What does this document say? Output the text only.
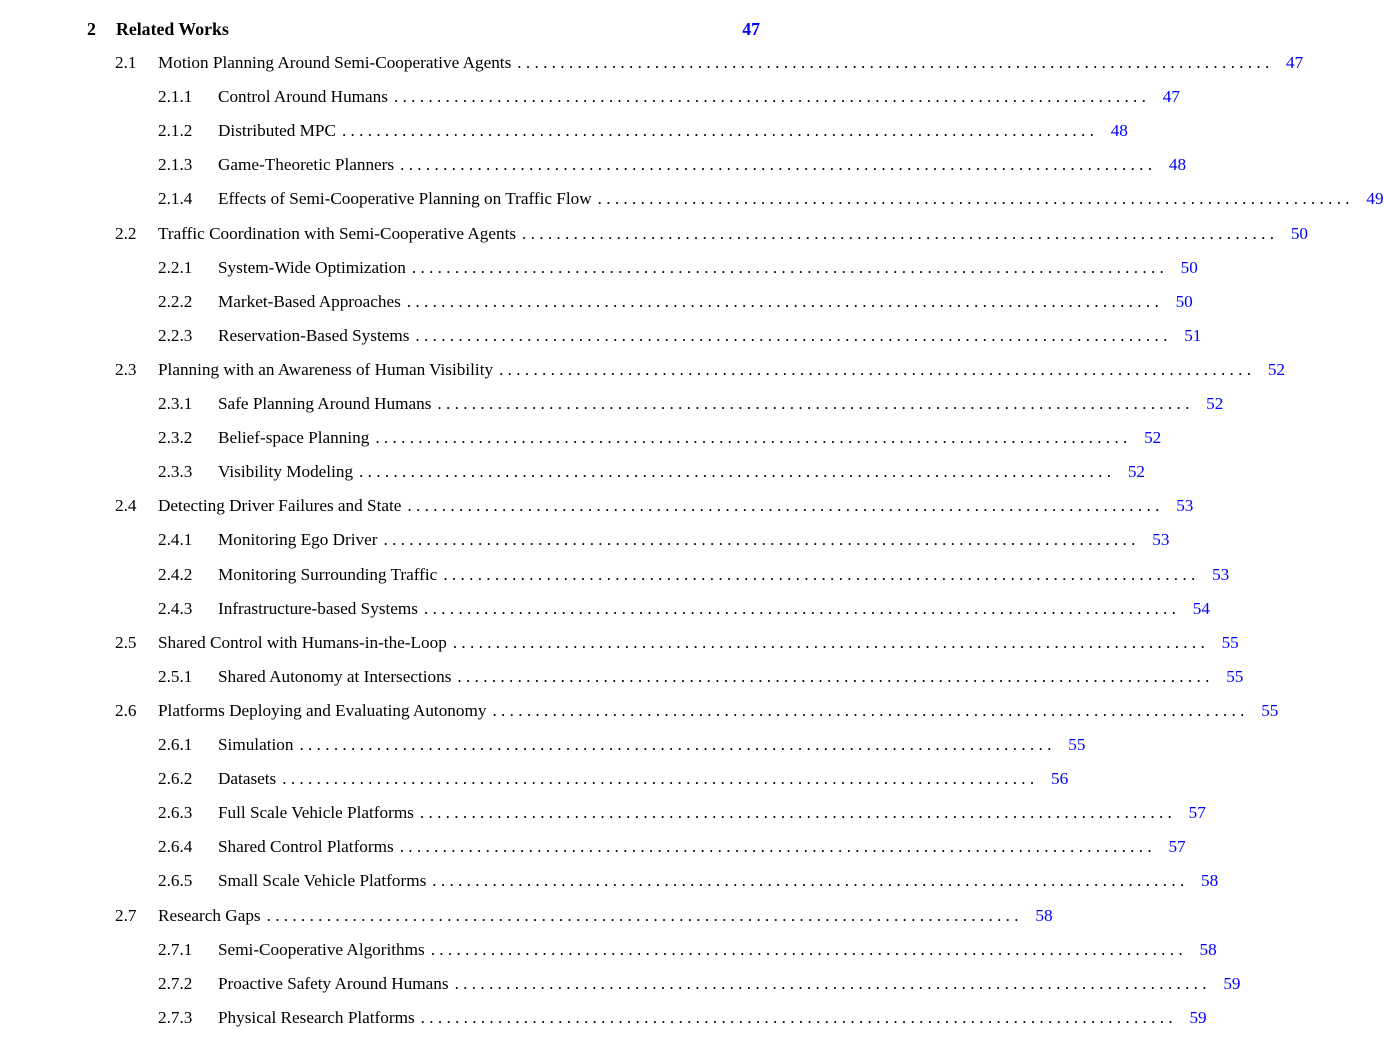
2	Related Works	47
2.1	Motion Planning Around Semi-Cooperative Agents . . . . . . . . . . . . . . . . . . . . . . . . . . . . . . . . . . . . . . . . . . . . . . . . . . . . . . . . . . . . . . . . . . . . . . . . . . . . . . . . . . . . . . . . 47
2.1.1	Control Around Humans . . . . . . . . . . . . . . . . . . . . . . . . . . . . . . . . . . . . . . . . . . . . . . . . . . . . . . . . . . . . . . . . . . . . . . . . . . . . . . . . . . . . . . . . 47
2.1.2	Distributed MPC . . . . . . . . . . . . . . . . . . . . . . . . . . . . . . . . . . . . . . . . . . . . . . . . . . . . . . . . . . . . . . . . . . . . . . . . . . . . . . . . . . . . . . . . 48
2.1.3	Game-Theoretic Planners . . . . . . . . . . . . . . . . . . . . . . . . . . . . . . . . . . . . . . . . . . . . . . . . . . . . . . . . . . . . . . . . . . . . . . . . . . . . . . . . . . . . . . . . 48
2.1.4	Effects of Semi-Cooperative Planning on Traffic Flow . . . . . . . . . . . . . . . . . . . . . . . . . . . . . . . . . . . . . . . . . . . . . . . . . . . . . . . . . . . . . . . . . . . . . . . . . . . . . . . . . . . . . . . . 49
2.2	Traffic Coordination with Semi-Cooperative Agents . . . . . . . . . . . . . . . . . . . . . . . . . . . . . . . . . . . . . . . . . . . . . . . . . . . . . . . . . . . . . . . . . . . . . . . . . . . . . . . . . . . . . . . . 50
2.2.1	System-Wide Optimization . . . . . . . . . . . . . . . . . . . . . . . . . . . . . . . . . . . . . . . . . . . . . . . . . . . . . . . . . . . . . . . . . . . . . . . . . . . . . . . . . . . . . . . . 50
2.2.2	Market-Based Approaches . . . . . . . . . . . . . . . . . . . . . . . . . . . . . . . . . . . . . . . . . . . . . . . . . . . . . . . . . . . . . . . . . . . . . . . . . . . . . . . . . . . . . . . . 50
2.2.3	Reservation-Based Systems . . . . . . . . . . . . . . . . . . . . . . . . . . . . . . . . . . . . . . . . . . . . . . . . . . . . . . . . . . . . . . . . . . . . . . . . . . . . . . . . . . . . . . . . 51
2.3	Planning with an Awareness of Human Visibility . . . . . . . . . . . . . . . . . . . . . . . . . . . . . . . . . . . . . . . . . . . . . . . . . . . . . . . . . . . . . . . . . . . . . . . . . . . . . . . . . . . . . . . . 52
2.3.1	Safe Planning Around Humans . . . . . . . . . . . . . . . . . . . . . . . . . . . . . . . . . . . . . . . . . . . . . . . . . . . . . . . . . . . . . . . . . . . . . . . . . . . . . . . . . . . . . . . . 52
2.3.2	Belief-space Planning . . . . . . . . . . . . . . . . . . . . . . . . . . . . . . . . . . . . . . . . . . . . . . . . . . . . . . . . . . . . . . . . . . . . . . . . . . . . . . . . . . . . . . . . 52
2.3.3	Visibility Modeling . . . . . . . . . . . . . . . . . . . . . . . . . . . . . . . . . . . . . . . . . . . . . . . . . . . . . . . . . . . . . . . . . . . . . . . . . . . . . . . . . . . . . . . . 52
2.4	Detecting Driver Failures and State . . . . . . . . . . . . . . . . . . . . . . . . . . . . . . . . . . . . . . . . . . . . . . . . . . . . . . . . . . . . . . . . . . . . . . . . . . . . . . . . . . . . . . . . 53
2.4.1	Monitoring Ego Driver . . . . . . . . . . . . . . . . . . . . . . . . . . . . . . . . . . . . . . . . . . . . . . . . . . . . . . . . . . . . . . . . . . . . . . . . . . . . . . . . . . . . . . . . 53
2.4.2	Monitoring Surrounding Traffic . . . . . . . . . . . . . . . . . . . . . . . . . . . . . . . . . . . . . . . . . . . . . . . . . . . . . . . . . . . . . . . . . . . . . . . . . . . . . . . . . . . . . . . . 53
2.4.3	Infrastructure-based Systems . . . . . . . . . . . . . . . . . . . . . . . . . . . . . . . . . . . . . . . . . . . . . . . . . . . . . . . . . . . . . . . . . . . . . . . . . . . . . . . . . . . . . . . . 54
2.5	Shared Control with Humans-in-the-Loop . . . . . . . . . . . . . . . . . . . . . . . . . . . . . . . . . . . . . . . . . . . . . . . . . . . . . . . . . . . . . . . . . . . . . . . . . . . . . . . . . . . . . . . . 55
2.5.1	Shared Autonomy at Intersections . . . . . . . . . . . . . . . . . . . . . . . . . . . . . . . . . . . . . . . . . . . . . . . . . . . . . . . . . . . . . . . . . . . . . . . . . . . . . . . . . . . . . . . . 55
2.6	Platforms Deploying and Evaluating Autonomy . . . . . . . . . . . . . . . . . . . . . . . . . . . . . . . . . . . . . . . . . . . . . . . . . . . . . . . . . . . . . . . . . . . . . . . . . . . . . . . . . . . . . . . . 55
2.6.1	Simulation . . . . . . . . . . . . . . . . . . . . . . . . . . . . . . . . . . . . . . . . . . . . . . . . . . . . . . . . . . . . . . . . . . . . . . . . . . . . . . . . . . . . . . . . 55
2.6.2	Datasets . . . . . . . . . . . . . . . . . . . . . . . . . . . . . . . . . . . . . . . . . . . . . . . . . . . . . . . . . . . . . . . . . . . . . . . . . . . . . . . . . . . . . . . . 56
2.6.3	Full Scale Vehicle Platforms . . . . . . . . . . . . . . . . . . . . . . . . . . . . . . . . . . . . . . . . . . . . . . . . . . . . . . . . . . . . . . . . . . . . . . . . . . . . . . . . . . . . . . . . 57
2.6.4	Shared Control Platforms . . . . . . . . . . . . . . . . . . . . . . . . . . . . . . . . . . . . . . . . . . . . . . . . . . . . . . . . . . . . . . . . . . . . . . . . . . . . . . . . . . . . . . . . 57
2.6.5	Small Scale Vehicle Platforms . . . . . . . . . . . . . . . . . . . . . . . . . . . . . . . . . . . . . . . . . . . . . . . . . . . . . . . . . . . . . . . . . . . . . . . . . . . . . . . . . . . . . . . . 58
2.7	Research Gaps . . . . . . . . . . . . . . . . . . . . . . . . . . . . . . . . . . . . . . . . . . . . . . . . . . . . . . . . . . . . . . . . . . . . . . . . . . . . . . . . . . . . . . . . 58
2.7.1	Semi-Cooperative Algorithms . . . . . . . . . . . . . . . . . . . . . . . . . . . . . . . . . . . . . . . . . . . . . . . . . . . . . . . . . . . . . . . . . . . . . . . . . . . . . . . . . . . . . . . . 58
2.7.2	Proactive Safety Around Humans . . . . . . . . . . . . . . . . . . . . . . . . . . . . . . . . . . . . . . . . . . . . . . . . . . . . . . . . . . . . . . . . . . . . . . . . . . . . . . . . . . . . . . . . 59
2.7.3	Physical Research Platforms . . . . . . . . . . . . . . . . . . . . . . . . . . . . . . . . . . . . . . . . . . . . . . . . . . . . . . . . . . . . . . . . . . . . . . . . . . . . . . . . . . . . . . . . 59
